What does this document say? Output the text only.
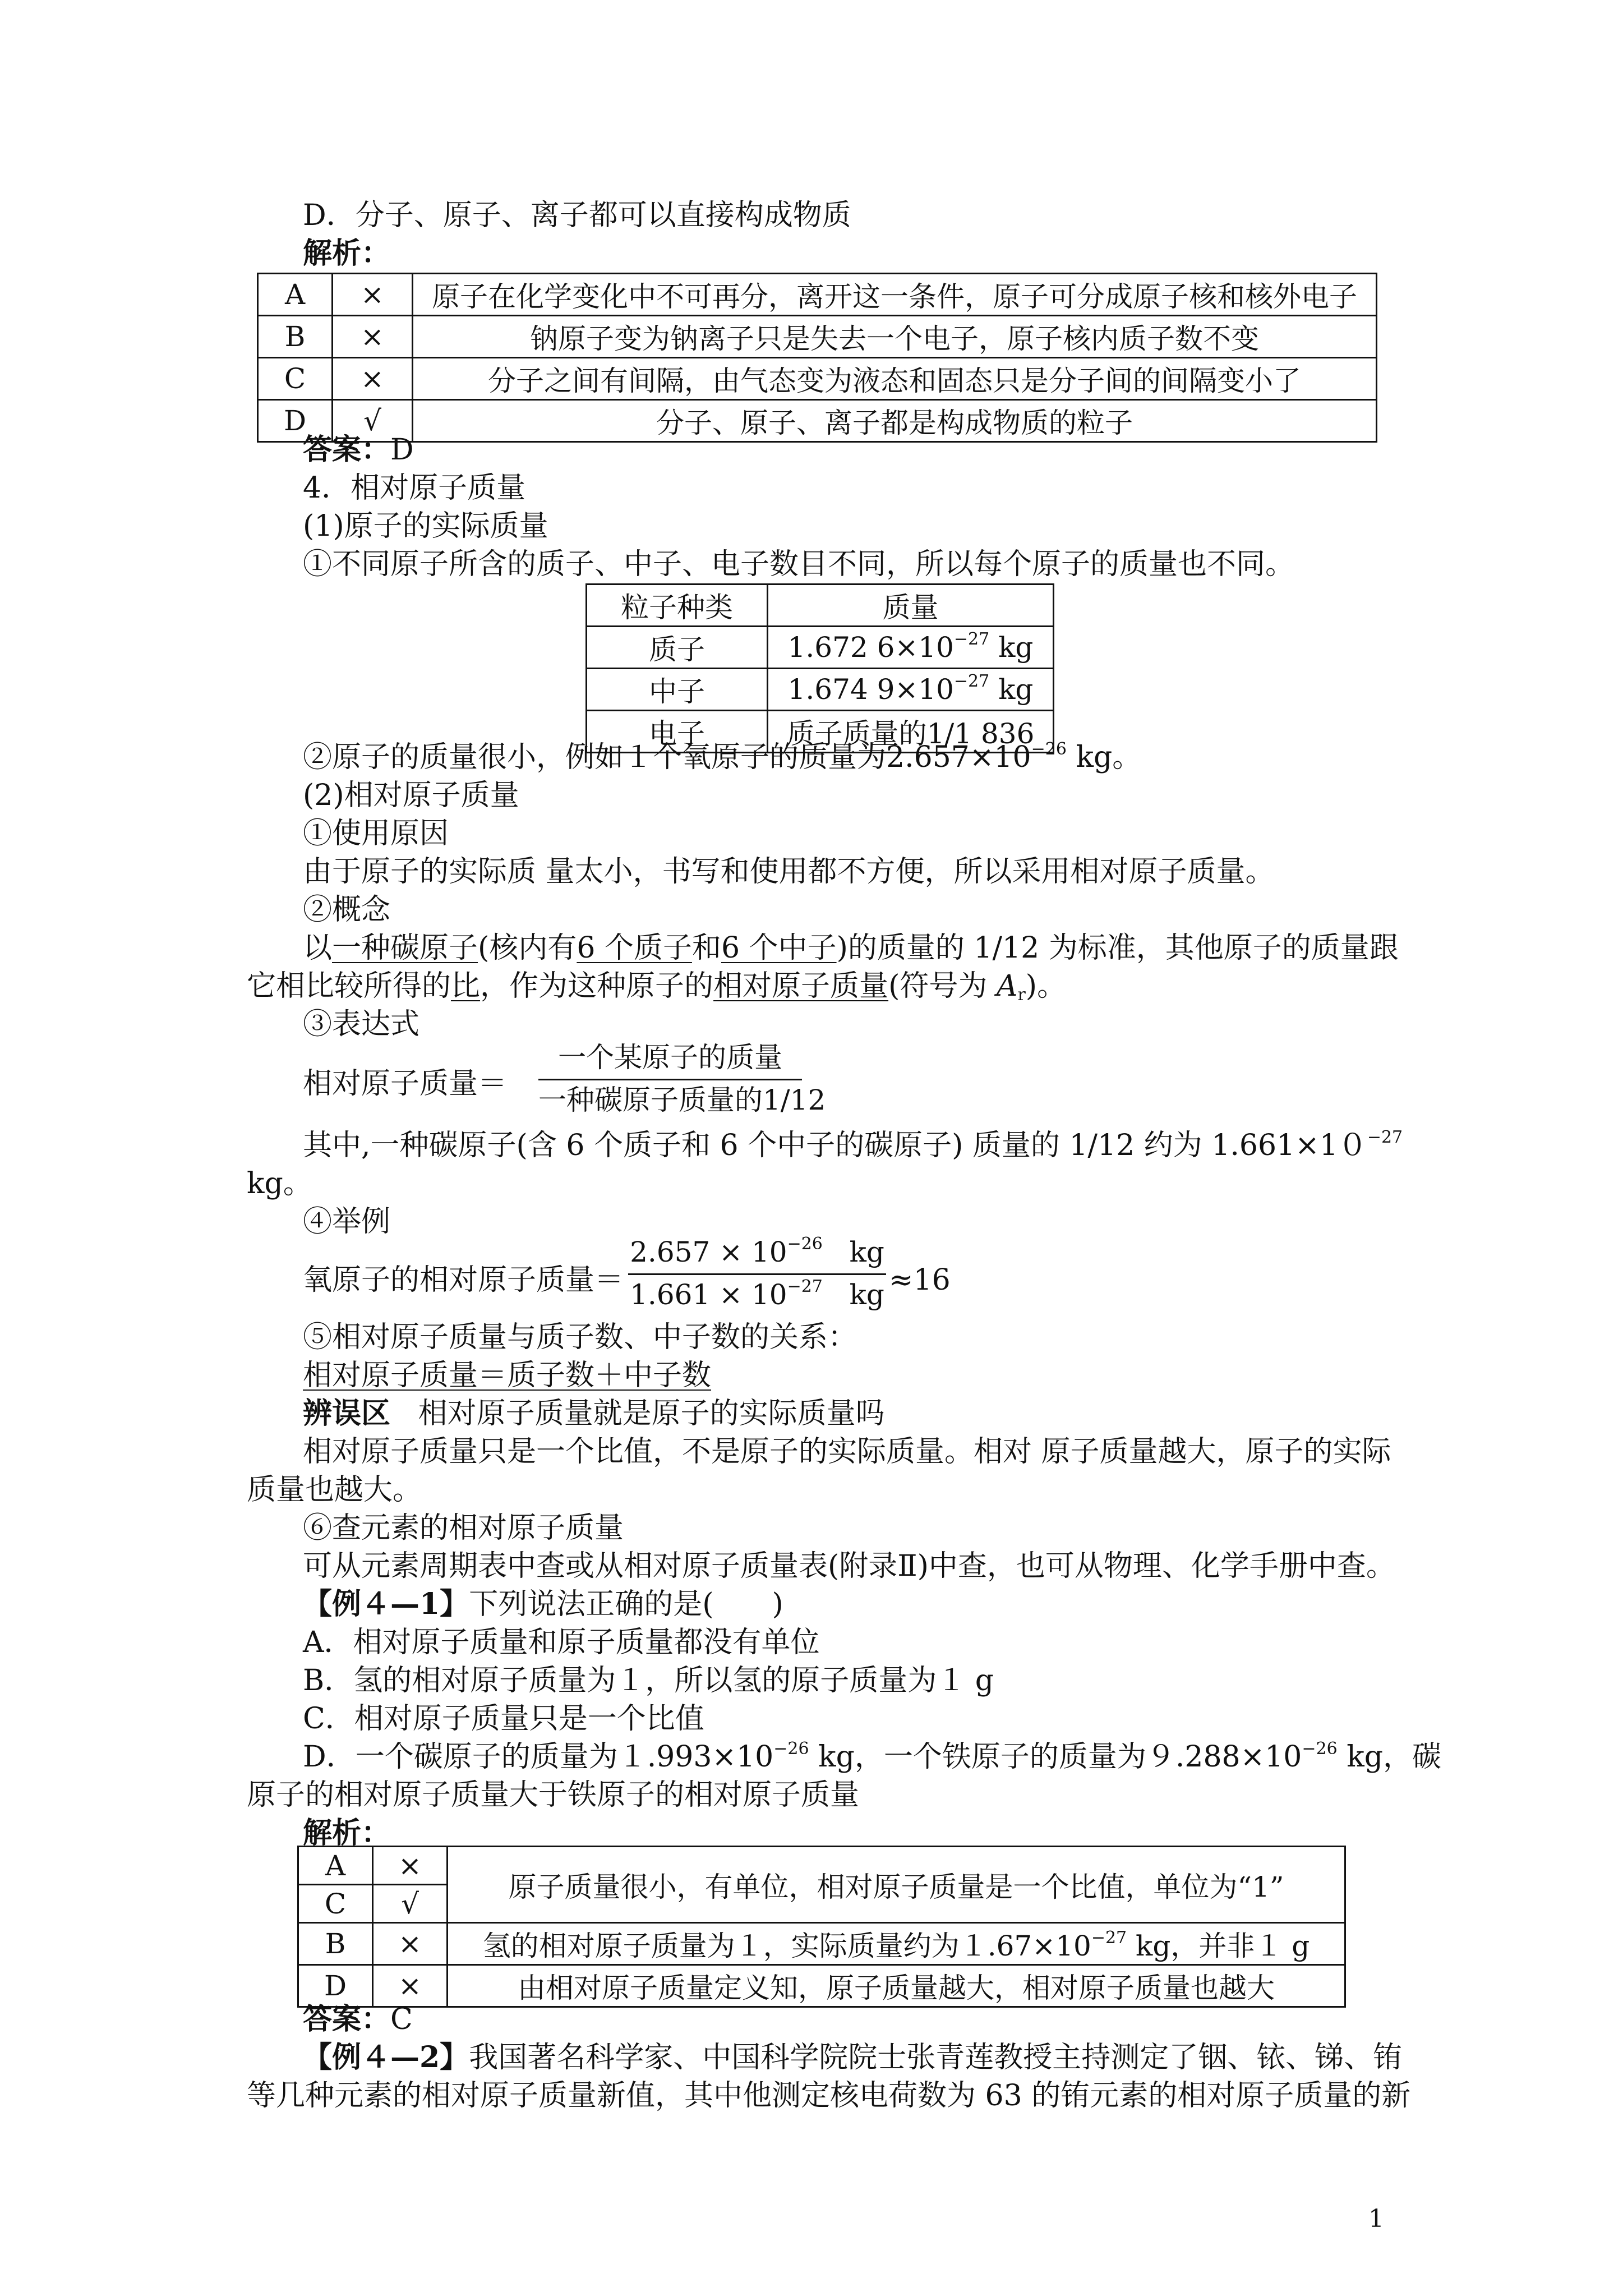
D．分子、原子、离子都可以直接构成物质
解析：
A	×	原子在化学变化中不可再分，离开这一条件，原子可分成原子核和核外电子
B	×	钠原子变为钠离子只是失去一个电子，原子核内质子数不变
C	×	分子之间有间隔，由气态变为液态和固态只是分子间的间隔变小了
D	√	分子、原子、离子都是构成物质的粒子
答案：D
4．相对原子质量
(1)原子的实际质量
①不同原子所含的质子、中子、电子数目不同，所以每个原子的质量也不同。
粒子种类	质量
质子	1.672 $6\times 10^{-27}$ kg
中子	1.674 $9\times 10^{-27}$ kg
电子	质子质量的1/1 836
②原子的质量很小，例如１个氧原子的质量为$2.657\times 10^{-26}$ kg。
(2)相对原子质量
①使用原因
由于原子的实际质 量太小，书写和使用都不方便，所以采用相对原子质量。
②概念
以一种碳原子(核内有6 个质子和6 个中子)的质量的 1/12 为标准，其他原子的质量跟
它相比较所得的比，作为这种原子的相对原子质量(符号为 $A_r$)。
③表达式
相对原子质量＝
一个某原子的质量
一种碳原子质量的1/12
其中,一种碳原子(含 6 个质子和 6 个中子的碳原子) 质量的 1/12 约为 $1.661\times 10^{-27}$
kg。
④举例
氧原子的相对原子质量＝
$2.657 \times 10^{-26}$ kg
$1.661 \times 10^{-27}$ kg ≈16
⑤相对原子质量与质子数、中子数的关系：
相对原子质量＝质子数＋中子数
辨误区 相对原子质量就是原子的实际质量吗
相对原子质量只是一个比值，不是原子的实际质量。相对 原子质量越大，原子的实际
质量也越大。
⑥查元素的相对原子质量
可从元素周期表中查或从相对原子质量表(附录Ⅱ)中查，也可从物理、化学手册中查。
【例４—1】下列说法正确的是(　　)
A．相对原子质量和原子质量都没有单位
B．氢的相对原子质量为１，所以氢的原子质量为１ g
C．相对原子质量只是一个比值
D．一个碳原子的质量为$1.993\times 10^{-26}$ kg，一个铁原子的质量为$9.288\times 10^{-26}$ kg，碳
原子的相对原子质量大于铁原子的相对原子质量
解析：
A	×	原子质量很小，有单位，相对原子质量是一个比值，单位为“1”
C	√	
B	×	氢的相对原子质量为１，实际质量约为$1.67\times 10^{-27}$ kg，并非１ g
D	×	由相对原子质量定义知，原子质量越大，相对原子质量也越大
答案：C
【例４—2】我国著名科学家、中国科学院院士张青莲教授主持测定了铟、铱、锑、铕
等几种元素的相对原子质量新值，其中他测定核电荷数为 63 的铕元素的相对原子质量的新
1
